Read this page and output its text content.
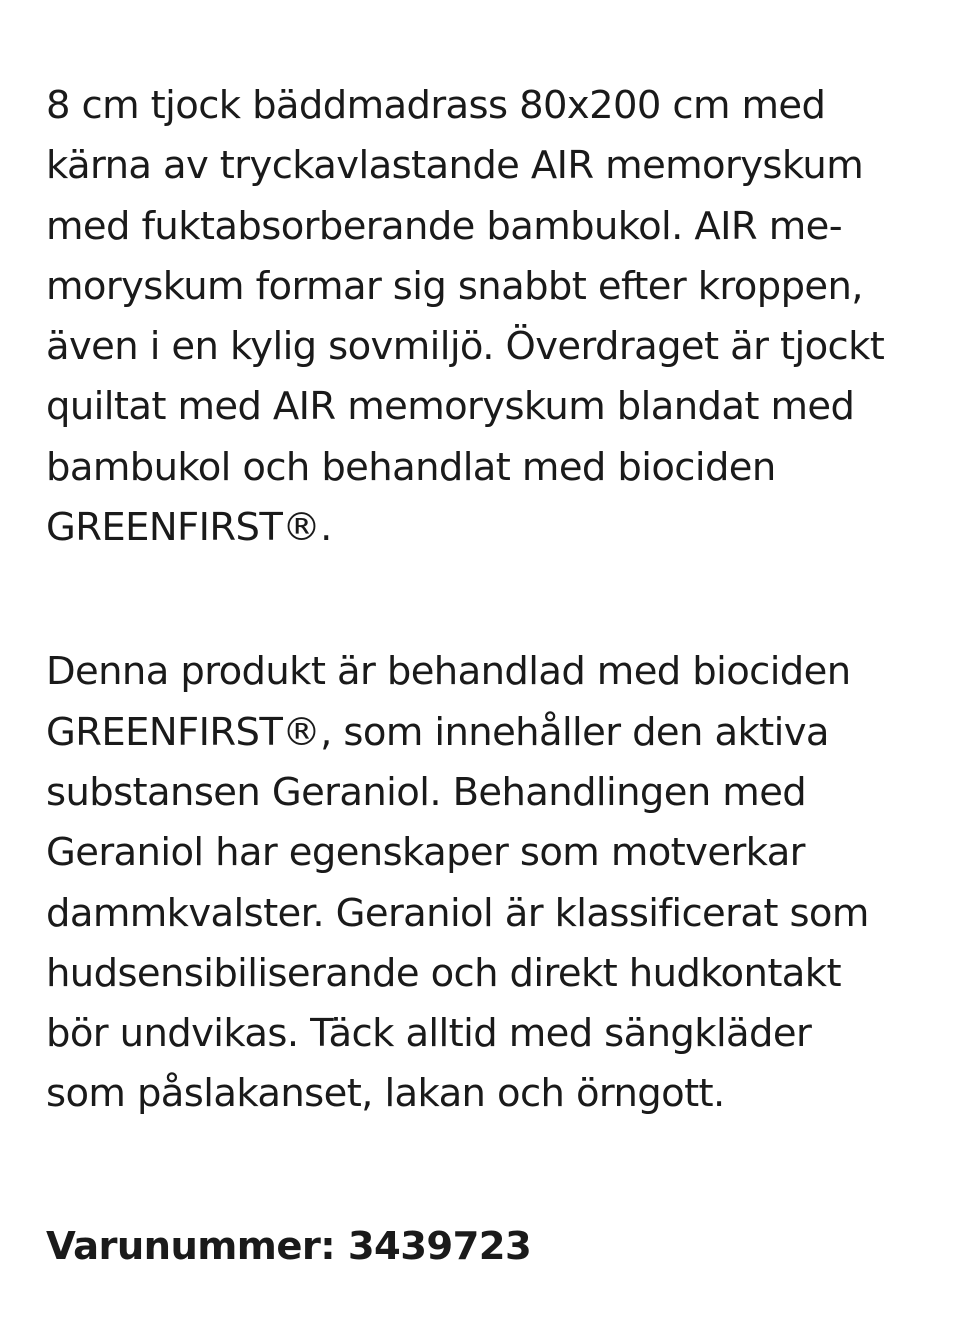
8 cm tjock bäddmadrass 80x200 cm med
kärna av tryckavlastande AIR memoryskum
med fuktabsorberande bambukol. AIR me-
moryskum formar sig snabbt efter kroppen,
även i en kylig sovmiljö. Överdraget är tjockt
quiltat med AIR memoryskum blandat med
bambukol och behandlat med biociden
GREENFIRST®.

Denna produkt är behandlad med biociden
GREENFIRST®, som innehåller den aktiva
substansen Geraniol. Behandlingen med
Geraniol har egenskaper som motverkar
dammkvalster. Geraniol är klassificerat som
hudsensibiliserande och direkt hudkontakt
bör undvikas. Täck alltid med sängkläder
som påslakanset, lakan och örngott.

Varunummer: 3439723
